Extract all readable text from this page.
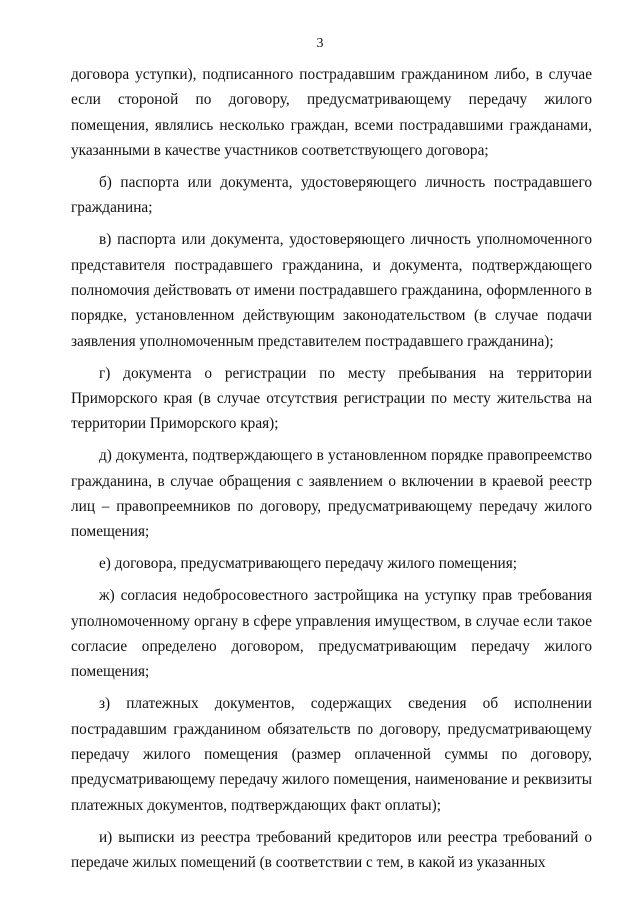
3

договора уступки), подписанного пострадавшим гражданином либо, в случае если стороной по договору, предусматривающему передачу жилого помещения, являлись несколько граждан, всеми пострадавшими гражданами, указанными в качестве участников соответствующего договора;

б) паспорта или документа, удостоверяющего личность пострадавшего гражданина;

в) паспорта или документа, удостоверяющего личность уполномоченного представителя пострадавшего гражданина, и документа, подтверждающего полномочия действовать от имени пострадавшего гражданина, оформленного в порядке, установленном действующим законодательством (в случае подачи заявления уполномоченным представителем пострадавшего гражданина);

г) документа о регистрации по месту пребывания на территории Приморского края (в случае отсутствия регистрации по месту жительства на территории Приморского края);

д) документа, подтверждающего в установленном порядке правопреемство гражданина, в случае обращения с заявлением о включении в краевой реестр лиц – правопреемников по договору, предусматривающему передачу жилого помещения;

е) договора, предусматривающего передачу жилого помещения;

ж) согласия недобросовестного застройщика на уступку прав требования уполномоченному органу в сфере управления имуществом, в случае если такое согласие определено договором, предусматривающим передачу жилого помещения;

з) платежных документов, содержащих сведения об исполнении пострадавшим гражданином обязательств по договору, предусматривающему передачу жилого помещения (размер оплаченной суммы по договору, предусматривающему передачу жилого помещения, наименование и реквизиты платежных документов, подтверждающих факт оплаты);

и) выписки из реестра требований кредиторов или реестра требований о передаче жилых помещений (в соответствии с тем, в какой из указанных
